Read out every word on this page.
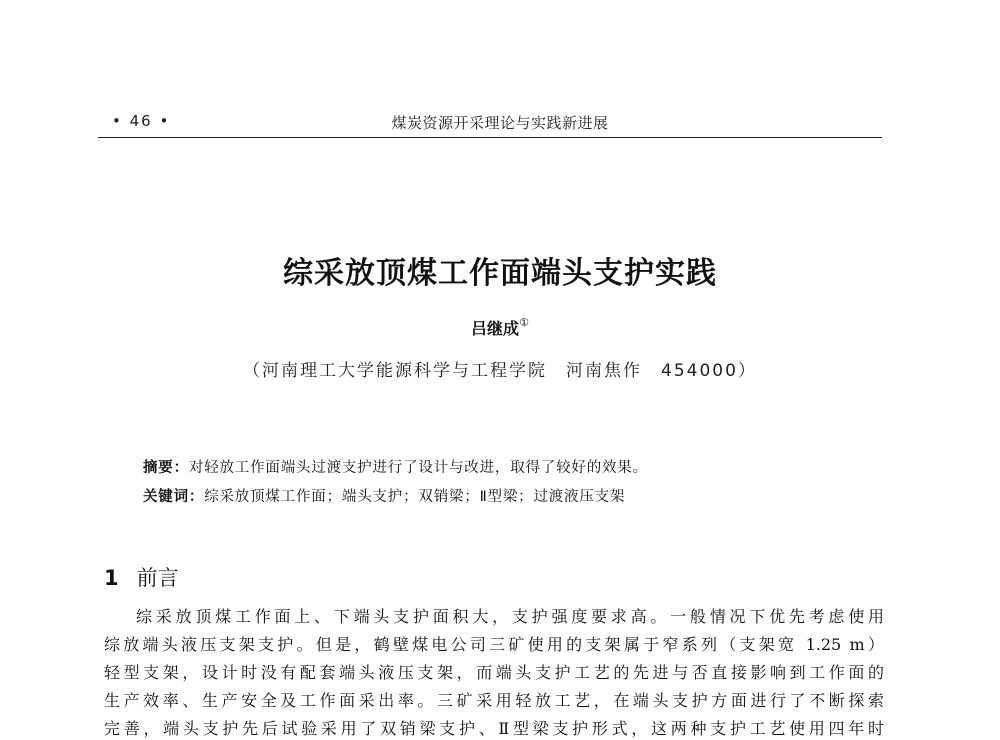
• 46 •	煤炭资源开采理论与实践新进展
综采放顶煤工作面端头支护实践
吕继成①
（河南理工大学能源科学与工程学院　河南焦作　454000）
摘要：对轻放工作面端头过渡支护进行了设计与改进，取得了较好的效果。
关键词：综采放顶煤工作面；端头支护；双销梁；Ⅱ型梁；过渡液压支架
1 前言
综采放顶煤工作面上、下端头支护面积大，支护强度要求高。一般情况下优先考虑使用
综放端头液压支架支护。但是，鹤壁煤电公司三矿使用的支架属于窄系列（支架宽 1.25 m）
轻型支架，设计时没有配套端头液压支架，而端头支护工艺的先进与否直接影响到工作面的
生产效率、生产安全及工作面采出率。三矿采用轻放工艺，在端头支护方面进行了不断探索
完善，端头支护先后试验采用了双销梁支护、Ⅱ型梁支护形式，这两种支护工艺使用四年时
